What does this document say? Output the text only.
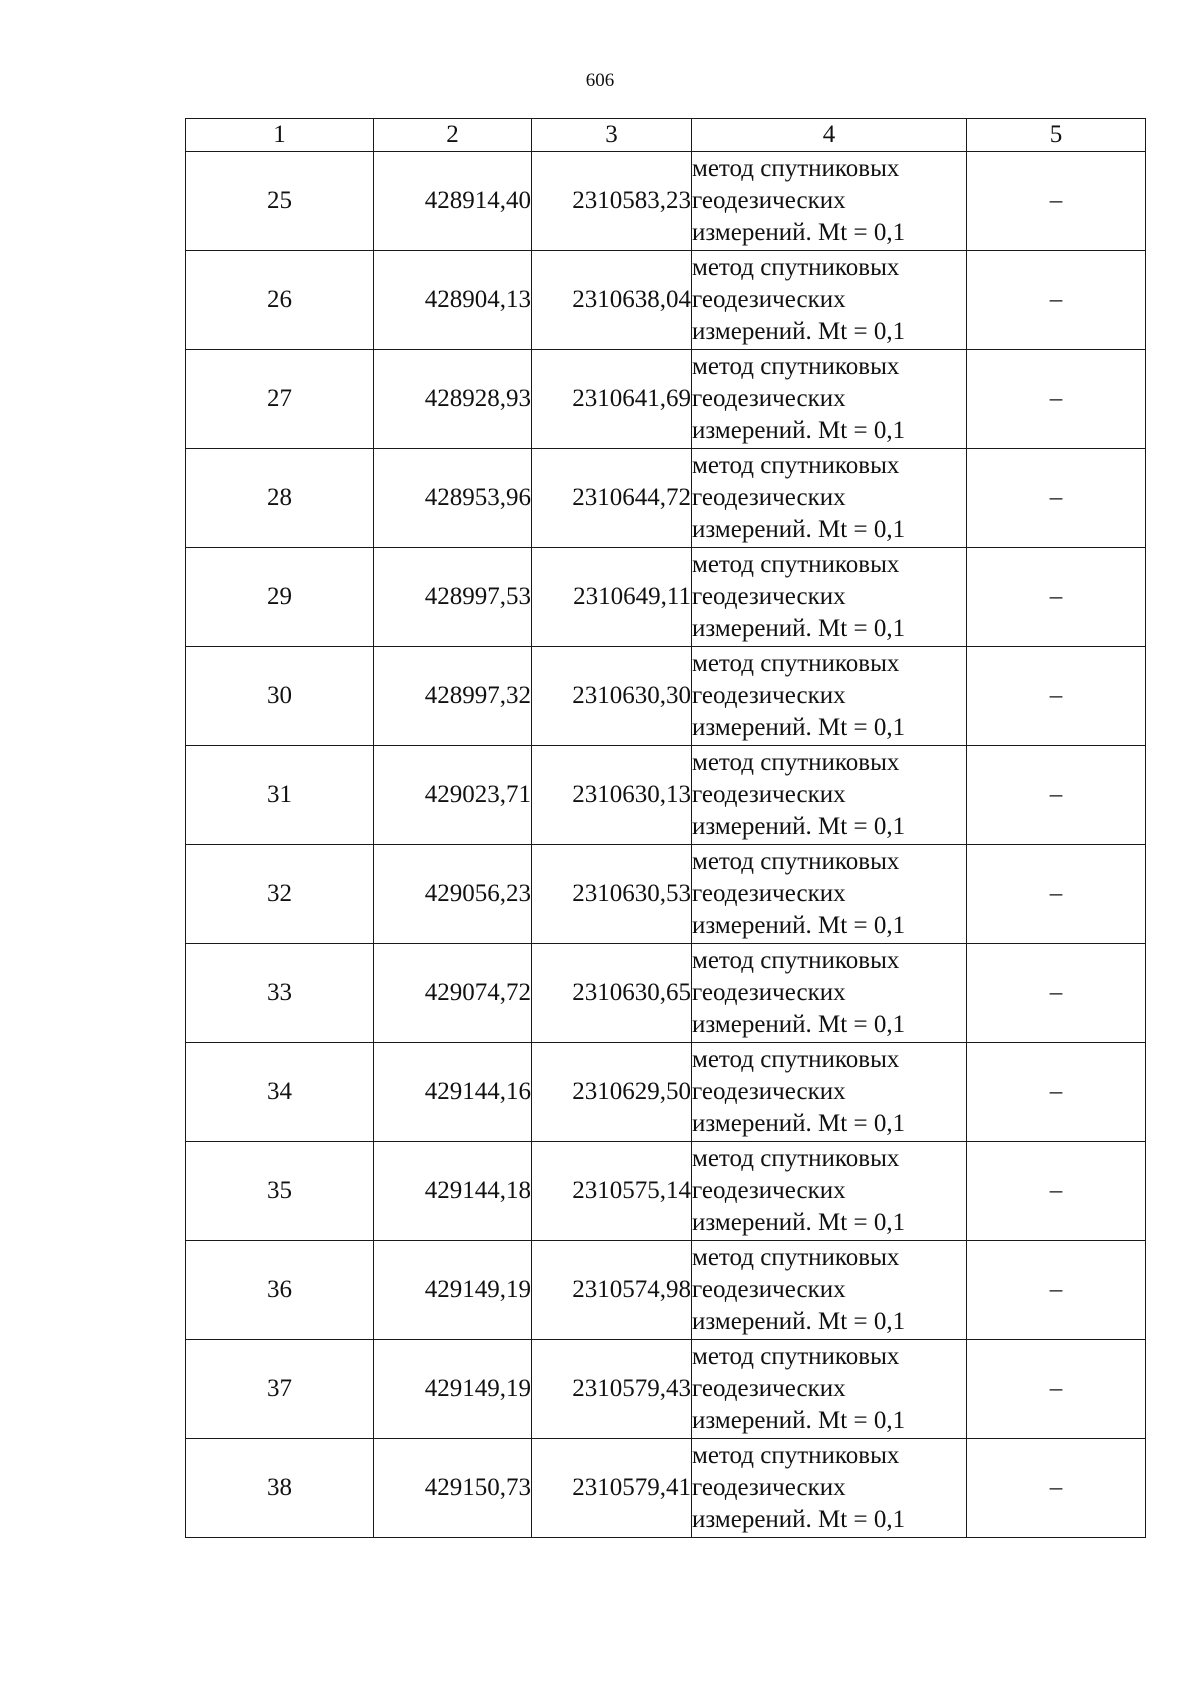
606
1	2	3	4	5
25	428914,40	2310583,23	метод спутниковых
геодезических
измерений. Mt = 0,1	–
26	428904,13	2310638,04	метод спутниковых
геодезических
измерений. Mt = 0,1	–
27	428928,93	2310641,69	метод спутниковых
геодезических
измерений. Mt = 0,1	–
28	428953,96	2310644,72	метод спутниковых
геодезических
измерений. Mt = 0,1	–
29	428997,53	2310649,11	метод спутниковых
геодезических
измерений. Mt = 0,1	–
30	428997,32	2310630,30	метод спутниковых
геодезических
измерений. Mt = 0,1	–
31	429023,71	2310630,13	метод спутниковых
геодезических
измерений. Mt = 0,1	–
32	429056,23	2310630,53	метод спутниковых
геодезических
измерений. Mt = 0,1	–
33	429074,72	2310630,65	метод спутниковых
геодезических
измерений. Mt = 0,1	–
34	429144,16	2310629,50	метод спутниковых
геодезических
измерений. Mt = 0,1	–
35	429144,18	2310575,14	метод спутниковых
геодезических
измерений. Mt = 0,1	–
36	429149,19	2310574,98	метод спутниковых
геодезических
измерений. Mt = 0,1	–
37	429149,19	2310579,43	метод спутниковых
геодезических
измерений. Mt = 0,1	–
38	429150,73	2310579,41	метод спутниковых
геодезических
измерений. Mt = 0,1	–
